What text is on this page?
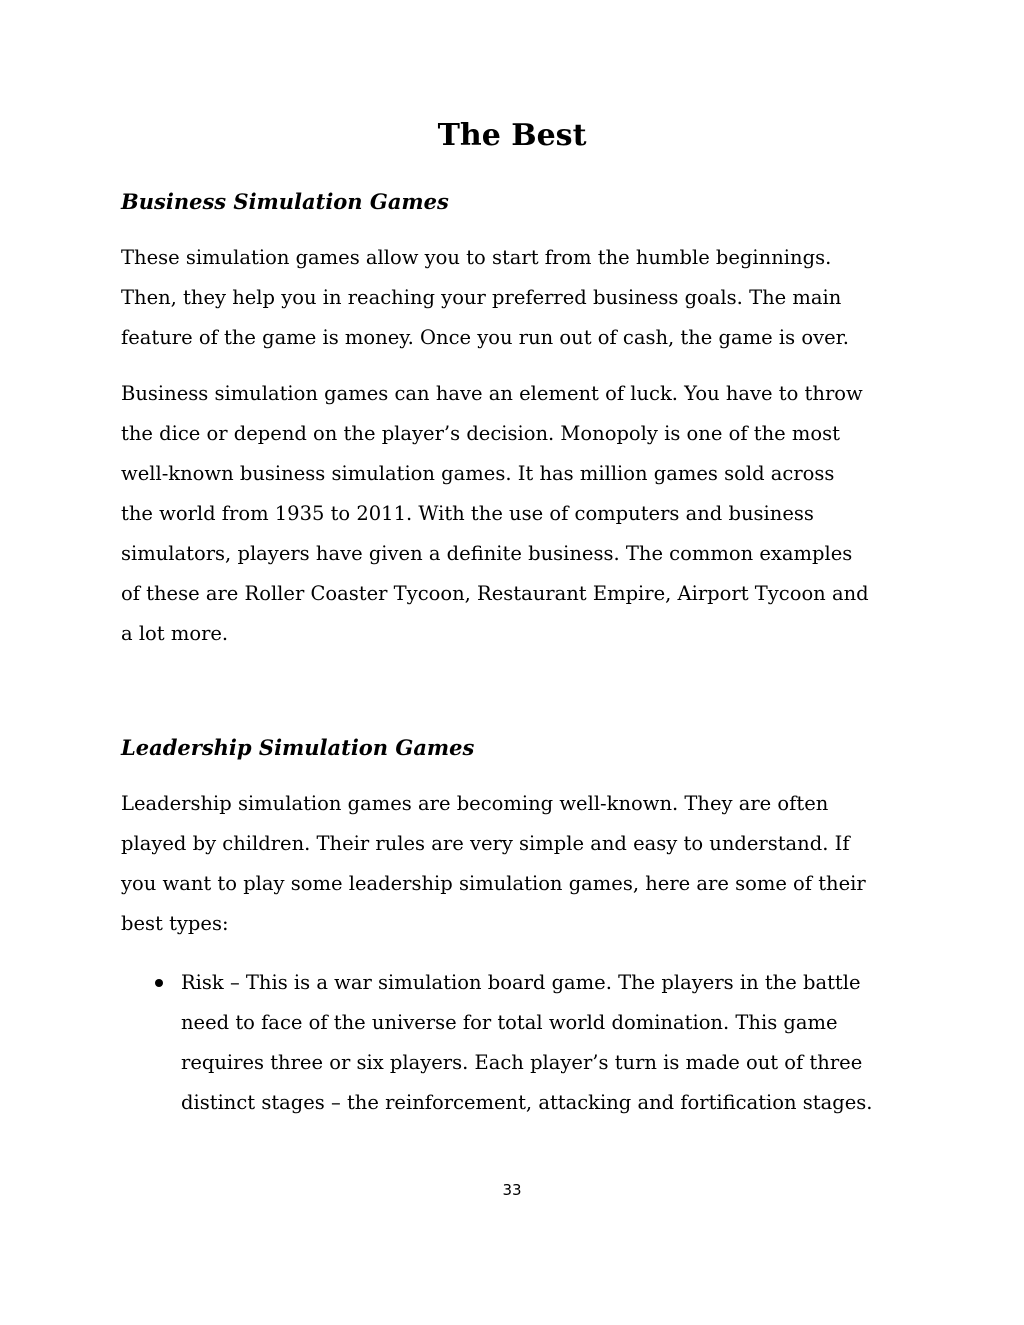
The Best
Business Simulation Games

These simulation games allow you to start from the humble beginnings.
Then, they help you in reaching your preferred business goals. The main
feature of the game is money. Once you run out of cash, the game is over.

Business simulation games can have an element of luck. You have to throw
the dice or depend on the player’s decision. Monopoly is one of the most
well-known business simulation games. It has million games sold across
the world from 1935 to 2011. With the use of computers and business
simulators, players have given a definite business. The common examples
of these are Roller Coaster Tycoon, Restaurant Empire, Airport Tycoon and
a lot more.

Leadership Simulation Games

Leadership simulation games are becoming well-known. They are often
played by children. Their rules are very simple and easy to understand. If
you want to play some leadership simulation games, here are some of their
best types:

Risk – This is a war simulation board game. The players in the battle
need to face of the universe for total world domination. This game
requires three or six players. Each player’s turn is made out of three
distinct stages – the reinforcement, attacking and fortification stages.

33
